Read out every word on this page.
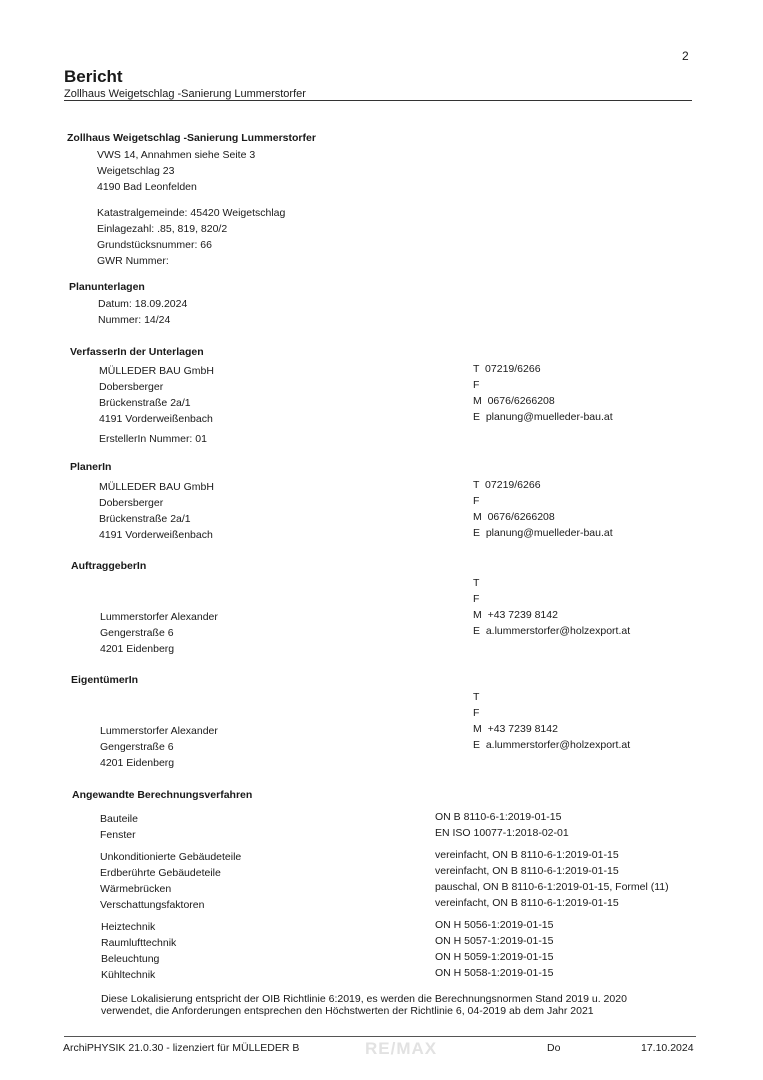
2
Bericht
Zollhaus Weigetschlag -Sanierung Lummerstorfer
Zollhaus Weigetschlag -Sanierung Lummerstorfer
VWS 14, Annahmen siehe Seite 3
Weigetschlag 23
4190 Bad Leonfelden
Katastralgemeinde: 45420 Weigetschlag
Einlagezahl: .85, 819, 820/2
Grundstücksnummer: 66
GWR Nummer:
Planunterlagen
Datum: 18.09.2024
Nummer: 14/24
VerfasserIn der Unterlagen
MÜLLEDER BAU GmbH
Dobersberger
Brückenstraße 2a/1
4191 Vorderweißenbach
ErstellerIn Nummer: 01
T  07219/6266
F
M  0676/6266208
E  planung@muelleder-bau.at
PlanerIn
MÜLLEDER BAU GmbH
Dobersberger
Brückenstraße 2a/1
4191 Vorderweißenbach
T  07219/6266
F
M  0676/6266208
E  planung@muelleder-bau.at
AuftraggeberIn
Lummerstorfer Alexander
Gengerstraße 6
4201 Eidenberg
T
F
M  +43 7239 8142
E  a.lummerstorfer@holzexport.at
EigentümerIn
Lummerstorfer Alexander
Gengerstraße 6
4201 Eidenberg
T
F
M  +43 7239 8142
E  a.lummerstorfer@holzexport.at
Angewandte Berechnungsverfahren
Bauteile	ON B 8110-6-1:2019-01-15
Fenster	EN ISO 10077-1:2018-02-01
Unkonditionierte Gebäudeteile	vereinfacht, ON B 8110-6-1:2019-01-15
Erdberührte Gebäudeteile	vereinfacht, ON B 8110-6-1:2019-01-15
Wärmebrücken	pauschal, ON B 8110-6-1:2019-01-15, Formel (11)
Verschattungsfaktoren	vereinfacht, ON B 8110-6-1:2019-01-15
Heiztechnik	ON H 5056-1:2019-01-15
Raumlufttechnik	ON H 5057-1:2019-01-15
Beleuchtung	ON H 5059-1:2019-01-15
Kühltechnik	ON H 5058-1:2019-01-15
Diese Lokalisierung entspricht der OIB Richtlinie 6:2019, es werden die Berechnungsnormen Stand 2019 u. 2020 verwendet, die Anforderungen entsprechen den Höchstwerten der Richtlinie 6, 04-2019 ab dem Jahr 2021
RE/MAX
ArchiPHYSIK 21.0.30 - lizenziert für MÜLLEDER B	Do	17.10.2024
